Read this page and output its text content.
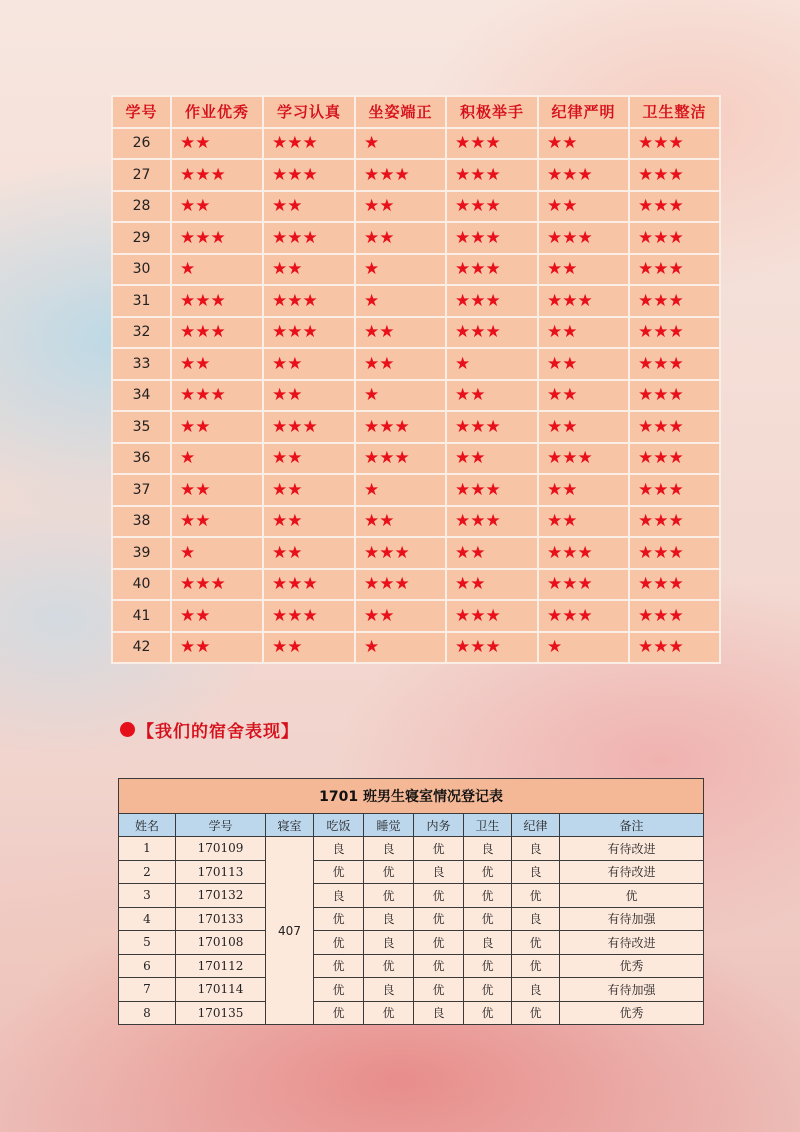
学号	作业优秀	学习认真	坐姿端正	积极举手	纪律严明	卫生整洁
26	★★	★★★	★	★★★	★★	★★★
27	★★★	★★★	★★★	★★★	★★★	★★★
28	★★	★★	★★	★★★	★★	★★★
29	★★★	★★★	★★	★★★	★★★	★★★
30	★	★★	★	★★★	★★	★★★
31	★★★	★★★	★	★★★	★★★	★★★
32	★★★	★★★	★★	★★★	★★	★★★
33	★★	★★	★★	★	★★	★★★
34	★★★	★★	★	★★	★★	★★★
35	★★	★★★	★★★	★★★	★★	★★★
36	★	★★	★★★	★★	★★★	★★★
37	★★	★★	★	★★★	★★	★★★
38	★★	★★	★★	★★★	★★	★★★
39	★	★★	★★★	★★	★★★	★★★
40	★★★	★★★	★★★	★★	★★★	★★★
41	★★	★★★	★★	★★★	★★★	★★★
42	★★	★★	★	★★★	★	★★★
【我们的宿舍表现】
1701 班男生寝室情况登记表								
姓名	学号	寝室	吃饭	睡觉	内务	卫生	纪律	备注
1	170109	407	良	良	优	良	良	有待改进
2	170113		优	优	良	优	良	有待改进
3	170132		良	优	优	优	优	优
4	170133		优	良	优	优	良	有待加强
5	170108		优	良	优	良	优	有待改进
6	170112		优	优	优	优	优	优秀
7	170114		优	良	优	优	良	有待加强
8	170135		优	优	良	优	优	优秀
